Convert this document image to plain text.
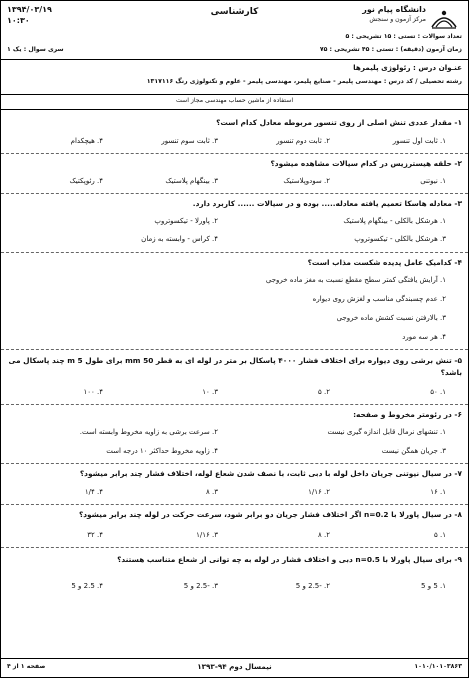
۱۳۹۴/۰۳/۱۹
۱۰:۳۰
کارشناسی	دانشگاه پیام نور
مرکز آزمون و سنجش
تعداد سوالات : تستی : ۱۵ تشریحی : ۵
زمان آزمون (دقیقه) : تستی : ۴۵ تشریحی : ۷۵
سری سوال : یک ۱
عنـوان درس : رئولوژی پلیمرها
رشته تحصیلی / کد درس : مهندسی پلیمر - صنایع پلیمر، مهندسی پلیمر - علوم و تکنولوژی رنگ ۱۳۱۷۱۱۶
استفاده از ماشین حساب مهندسی مجاز است
۱- مقدار عددی تنش اصلی از روی تنسور مربوطه معادل کدام است؟
۱. ثابت اول تنسور
۲. ثابت دوم تنسور
۳. ثابت سوم تنسور
۴. هیچکدام
۲- حلقه هیسترزیس در کدام سیالات مشاهده میشود؟
۱. نیوتنی
۲. سودوپلاستیک
۳. بینگهام پلاستیک
۴. رئوپکتیک
۳- معادله هاسکا تعمیم یافته معادله..... بوده و در سیالات ...... کاربرد دارد.
۱. هرشکل بالکلی - بینگهام پلاستیک
۲. پاورلا - تیکسوتروپ
۳. هرشکل بالکلی - تیکسوتروپ
۴. کراس - وابسته به زمان
۴- کدامیک عامل پدیده شکست مذاب است؟
۱. آرایش یافتگی کمتر سطح مقطع نسبت به مغز ماده خروجی
۲. عدم چسبندگی مناسب و لغزش روی دیواره
۳. بالارفتن نسبت کشش ماده خروجی
۴. هر سه مورد
۵- تنش برشی روی دیواره برای اختلاف فشار ۴۰۰۰ پاسکال بر متر در لوله ای به قطر 50 mm برای طول 5 m چند پاسکال می باشد؟
۱. ۵۰
۲. ۵
۳. ۱۰
۴. ۱۰۰
۶- در رئومتر مخروط و صفحه:
۱. تنشهای نرمال قابل اندازه گیری نیست
۲. سرعت برشی به زاویه مخروط وابسته است.
۳. جریان همگن نیست
۴. زاویه مخروط حداکثر ۱۰ درجه است
۷- در سیال نیوتنی جریان داخل لوله با دبی ثابت، با نصف شدن شعاع لوله، اختلاف فشار چند برابر میشود؟
۱. ۱۶
۲. ۱/۱۶
۳. ۸
۴. ۱/۴
۸- در سیال پاورلا با n=0.2 اگر اختلاف فشار جریان دو برابر شود، سرعت حرکت در لوله چند برابر میشود؟
۱. ۵
۲. ۸
۳. ۱/۱۶
۴. ۳۲
۹- برای سیال پاورلا با n=0.5 دبی و اختلاف فشار در لوله به چه توانی از شعاع متناسب هستند؟
۱. 5 و 5
۲. -2.5 و 5
۳. -2.5 و 5
۴. 2.5 و 5
۱۰۱۰/۱۰۱۰۳۸۶۳
نیمسال دوم ۹۴-۱۳۹۳
صفحه ۱ از ۴
